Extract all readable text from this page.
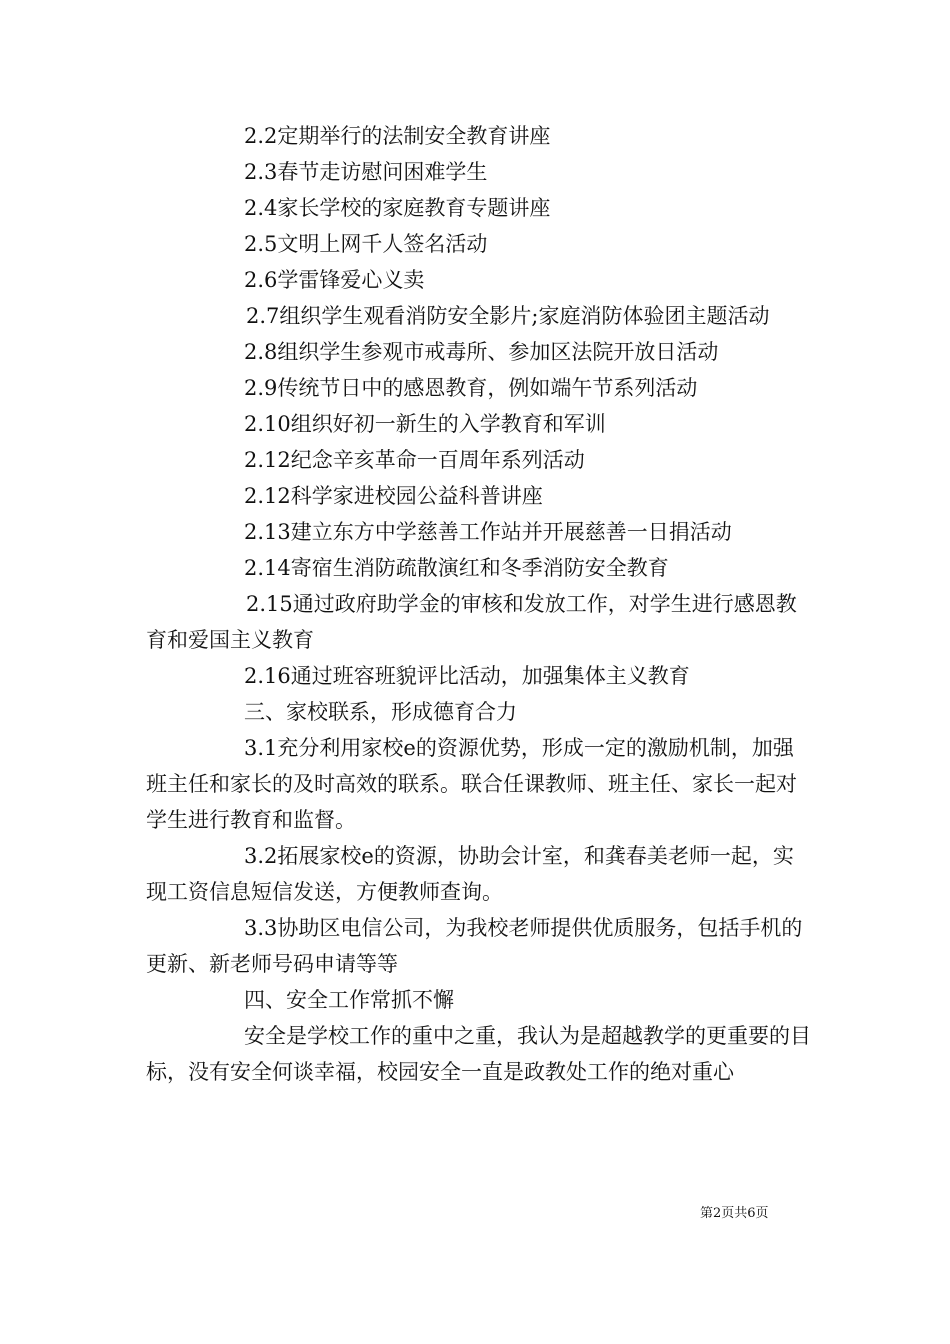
2.2定期举行的法制安全教育讲座

2.3春节走访慰问困难学生

2.4家长学校的家庭教育专题讲座

2.5文明上网千人签名活动

2.6学雷锋爱心义卖

2.7组织学生观看消防安全影片;家庭消防体验团主题活动

2.8组织学生参观市戒毒所、参加区法院开放日活动

2.9传统节日中的感恩教育，例如端午节系列活动

2.10组织好初一新生的入学教育和军训

2.12纪念辛亥革命一百周年系列活动

2.12科学家进校园公益科普讲座

2.13建立东方中学慈善工作站并开展慈善一日捐活动

2.14寄宿生消防疏散演红和冬季消防安全教育

2.15通过政府助学金的审核和发放工作，对学生进行感恩教育和爱国主义教育

2.16通过班容班貌评比活动，加强集体主义教育

三、家校联系，形成德育合力

3.1充分利用家校e的资源优势，形成一定的激励机制，加强班主任和家长的及时高效的联系。联合任课教师、班主任、家长一起对学生进行教育和监督。

3.2拓展家校e的资源，协助会计室，和龚春美老师一起，实现工资信息短信发送，方便教师查询。

3.3协助区电信公司，为我校老师提供优质服务，包括手机的更新、新老师号码申请等等

四、安全工作常抓不懈

安全是学校工作的重中之重，我认为是超越教学的更重要的目标，没有安全何谈幸福，校园安全一直是政教处工作的绝对重心

第2页共6页
